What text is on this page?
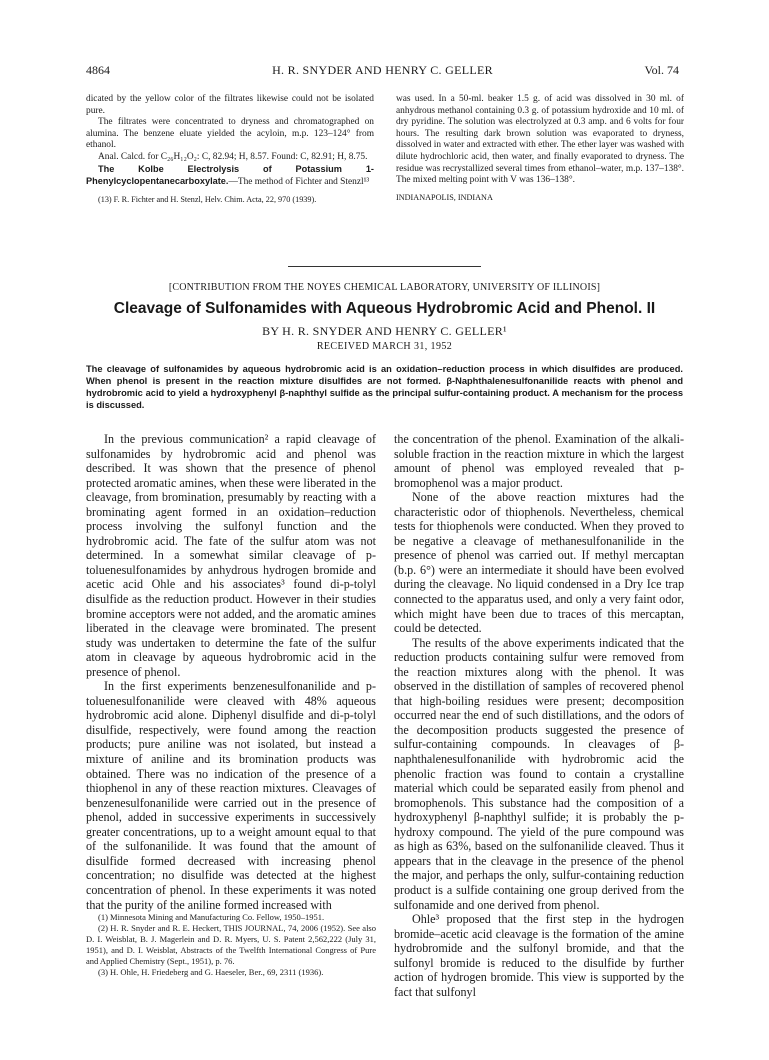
4864	H. R. SNYDER AND HENRY C. GELLER	Vol. 74

dicated by the yellow color of the filtrates likewise could not be isolated pure.

The filtrates were concentrated to dryness and chromatographed on alumina. The benzene eluate yielded the acyloin, m.p. 123–124° from ethanol.

Anal. Calcd. for C₂₆H₁₂O₂: C, 82.94; H, 8.57. Found: C, 82.91; H, 8.75.

The Kolbe Electrolysis of Potassium 1-Phenylcyclopentanecarboxylate.—The method of Fichter and Stenzl¹³

(13) F. R. Fichter and H. Stenzl, Helv. Chim. Acta, 22, 970 (1939).

was used. In a 50-ml. beaker 1.5 g. of acid was dissolved in 30 ml. of anhydrous methanol containing 0.3 g. of potassium hydroxide and 10 ml. of dry pyridine. The solution was electrolyzed at 0.3 amp. and 6 volts for four hours. The resulting dark brown solution was evaporated to dryness, dissolved in water and extracted with ether. The ether layer was washed with dilute hydrochloric acid, then water, and finally evaporated to dryness. The residue was recrystallized several times from ethanol–water, m.p. 137–138°. The mixed melting point with V was 136–138°.

INDIANAPOLIS, INDIANA

[CONTRIBUTION FROM THE NOYES CHEMICAL LABORATORY, UNIVERSITY OF ILLINOIS]
Cleavage of Sulfonamides with Aqueous Hydrobromic Acid and Phenol. II
BY H. R. SNYDER AND HENRY C. GELLER¹
RECEIVED MARCH 31, 1952
The cleavage of sulfonamides by aqueous hydrobromic acid is an oxidation–reduction process in which disulfides are produced. When phenol is present in the reaction mixture disulfides are not formed. β-Naphthalenesulfonanilide reacts with phenol and hydrobromic acid to yield a hydroxyphenyl β-naphthyl sulfide as the principal sulfur-containing product. A mechanism for the process is discussed.

In the previous communication² a rapid cleavage of sulfonamides by hydrobromic acid and phenol was described. It was shown that the presence of phenol protected aromatic amines, when these were liberated in the cleavage, from bromination, presumably by reacting with a brominating agent formed in an oxidation–reduction process involving the sulfonyl function and the hydrobromic acid. The fate of the sulfur atom was not determined. In a somewhat similar cleavage of p-toluenesulfonamides by anhydrous hydrogen bromide and acetic acid Ohle and his associates³ found di-p-tolyl disulfide as the reduction product. However in their studies bromine acceptors were not added, and the aromatic amines liberated in the cleavage were brominated. The present study was undertaken to determine the fate of the sulfur atom in cleavage by aqueous hydrobromic acid in the presence of phenol.

In the first experiments benzenesulfonanilide and p-toluenesulfonanilide were cleaved with 48% aqueous hydrobromic acid alone. Diphenyl disulfide and di-p-tolyl disulfide, respectively, were found among the reaction products; pure aniline was not isolated, but instead a mixture of aniline and its bromination products was obtained. There was no indication of the presence of a thiophenol in any of these reaction mixtures. Cleavages of benzenesulfonanilide were carried out in the presence of phenol, added in successive experiments in successively greater concentrations, up to a weight amount equal to that of the sulfonanilide. It was found that the amount of disulfide formed decreased with increasing phenol concentration; no disulfide was detected at the highest concentration of phenol. In these experiments it was noted that the purity of the aniline formed increased with

the concentration of the phenol. Examination of the alkali-soluble fraction in the reaction mixture in which the largest amount of phenol was employed revealed that p-bromophenol was a major product.

None of the above reaction mixtures had the characteristic odor of thiophenols. Nevertheless, chemical tests for thiophenols were conducted. When they proved to be negative a cleavage of methanesulfonanilide in the presence of phenol was carried out. If methyl mercaptan (b.p. 6°) were an intermediate it should have been evolved during the cleavage. No liquid condensed in a Dry Ice trap connected to the apparatus used, and only a very faint odor, which might have been due to traces of this mercaptan, could be detected.

The results of the above experiments indicated that the reduction products containing sulfur were removed from the reaction mixtures along with the phenol. It was observed in the distillation of samples of recovered phenol that high-boiling residues were present; decomposition occurred near the end of such distillations, and the odors of the decomposition products suggested the presence of sulfur-containing compounds. In cleavages of β-naphthalenesulfonanilide with hydrobromic acid the phenolic fraction was found to contain a crystalline material which could be separated easily from phenol and bromophenols. This substance had the composition of a hydroxyphenyl β-naphthyl sulfide; it is probably the p-hydroxy compound. The yield of the pure compound was as high as 63%, based on the sulfonanilide cleaved. Thus it appears that in the cleavage in the presence of the phenol the major, and perhaps the only, sulfur-containing reduction product is a sulfide containing one group derived from the sulfonamide and one derived from phenol.

Ohle³ proposed that the first step in the hydrogen bromide–acetic acid cleavage is the formation of the amine hydrobromide and the sulfonyl bromide, and that the sulfonyl bromide is reduced to the disulfide by further action of hydrogen bromide. This view is supported by the fact that sulfonyl

(1) Minnesota Mining and Manufacturing Co. Fellow, 1950–1951.

(2) H. R. Snyder and R. E. Heckert, THIS JOURNAL, 74, 2006 (1952). See also D. I. Weisblat, B. J. Magerlein and D. R. Myers, U. S. Patent 2,562,222 (July 31, 1951), and D. I. Weisblat, Abstracts of the Twelfth International Congress of Pure and Applied Chemistry (Sept., 1951), p. 76.

(3) H. Ohle, H. Friedeberg and G. Haeseler, Ber., 69, 2311 (1936).
